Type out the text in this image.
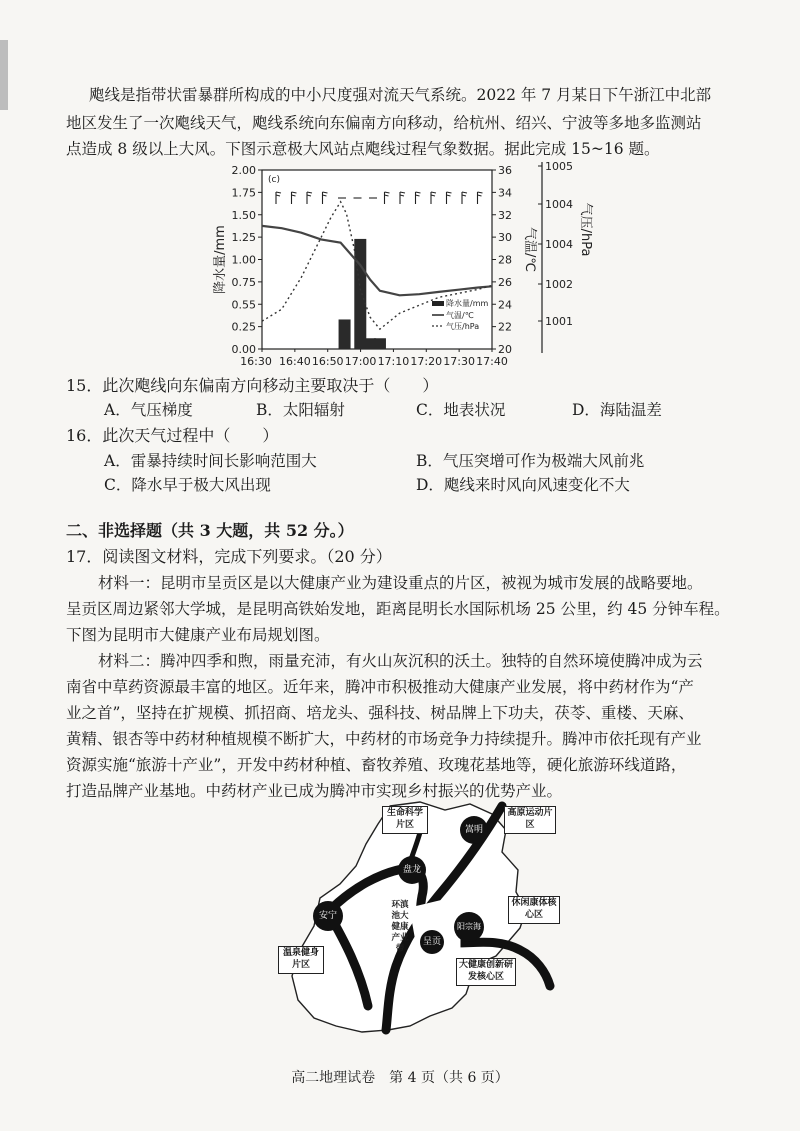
飑线是指带状雷暴群所构成的中小尺度强对流天气系统。2022 年 7 月某日下午浙江中北部
地区发生了一次飑线天气，飑线系统向东偏南方向移动，给杭州、绍兴、宁波等多地多监测站
点造成 8 级以上大风。下图示意极大风站点飑线过程气象数据。据此完成 15~16 题。
2.00
1.75
1.50
1.25
1.00
0.75
0.55
0.25
0.00
36
34
32
30
28
26
24
22
20
1005
1004
1004
1002
1001
16:30 16:40 16:50 17:00 17:10 17:20 17:30 17:40
降水量/mm
气温/℃
气压/hPa
降水量/mm	气温/℃	气压/hPa
(c)
15．此次飑线向东偏南方向移动主要取决于（　　）
A．气压梯度	B．太阳辐射	C．地表状况	D．海陆温差
16．此次天气过程中（　　）
A．雷暴持续时间长影响范围大	B．气压突增可作为极端大风前兆
C．降水早于极大风出现	D．飑线来时风向风速变化不大
二、非选择题（共 3 大题，共 52 分。）
17．阅读图文材料，完成下列要求。（20 分）
材料一：昆明市呈贡区是以大健康产业为建设重点的片区，被视为城市发展的战略要地。
呈贡区周边紧邻大学城，是昆明高铁始发地，距离昆明长水国际机场 25 公里，约 45 分钟车程。
下图为昆明市大健康产业布局规划图。
材料二：腾冲四季和煦，雨量充沛，有火山灰沉积的沃土。独特的自然环境使腾冲成为云
南省中草药资源最丰富的地区。近年来，腾冲市积极推动大健康产业发展，将中药材作为“产
业之首”，坚持在扩规模、抓招商、培龙头、强科技、树品牌上下功夫，茯苓、重楼、天麻、
黄精、银杏等中药材种植规模不断扩大，中药材的市场竞争力持续提升。腾冲市依托现有产业
资源实施“旅游十产业”，开发中药材种植、畜牧养殖、玫瑰花基地等，硬化旅游环线道路，
打造品牌产业基地。中药材产业已成为腾冲市实现乡村振兴的优势产业。
生命科学片区
高原运动片区
休闲康体核心区
温泉健身片区	大健康创新研发核心区
环滇池大健康产业带
安宁
盘龙
嵩明
呈贡
阳宗海
高二地理试卷　第 4 页（共 6 页）
